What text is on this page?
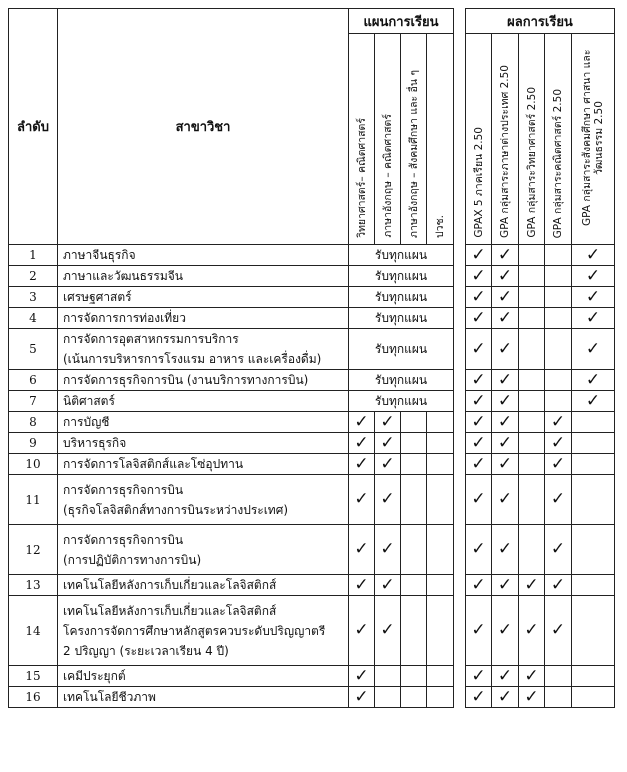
ลำดับ	สาขาวิชา	แผนการเรียน					ผลการเรียน				

		วิทยาศาสตร์– คณิตศาสตร์	ภาษาอังกฤษ – คณิตศาสตร์	ภาษาอังกฤษ – สังคมศึกษา และ อื่น ๆ	ปวช.		GPAX 5 ภาคเรียน 2.50	GPA กลุ่มสาระภาษาต่างประเทศ 2.50	GPA กลุ่มสาระวิทยาศาสตร์ 2.50	GPA กลุ่มสาระคณิตศาสตร์ 2.50	GPA กลุ่มสาระสังคมศึกษา ศาสนา และวัฒนธรรม 2.50

1	ภาษาจีนธุรกิจ	รับทุกแผน					✓	✓			✓
2	ภาษาและวัฒนธรรมจีน	รับทุกแผน					✓	✓			✓
3	เศรษฐศาสตร์	รับทุกแผน					✓	✓			✓
4	การจัดการการท่องเที่ยว	รับทุกแผน					✓	✓			✓
5	การจัดการอุตสาหกรรมการบริการ
(เน้นการบริหารการโรงแรม อาหาร และเครื่องดื่ม)	รับทุกแผน					✓	✓			✓
6	การจัดการธุรกิจการบิน (งานบริการทางการบิน)	รับทุกแผน					✓	✓			✓
7	นิติศาสตร์	รับทุกแผน					✓	✓			✓
8	การบัญชี	✓	✓				✓	✓		✓	
9	บริหารธุรกิจ	✓	✓				✓	✓		✓	
10	การจัดการโลจิสติกส์และโซ่อุปทาน	✓	✓				✓	✓		✓	
11	การจัดการธุรกิจการบิน
(ธุรกิจโลจิสติกส์ทางการบินระหว่างประเทศ)	✓	✓				✓	✓		✓	
12	การจัดการธุรกิจการบิน
(การปฏิบัติการทางการบิน)	✓	✓				✓	✓		✓	
13	เทคโนโลยีหลังการเก็บเกี่ยวและโลจิสติกส์	✓	✓				✓	✓	✓	✓	
14	เทคโนโลยีหลังการเก็บเกี่ยวและโลจิสติกส์
โครงการจัดการศึกษาหลักสูตรควบระดับปริญญาตรี
2 ปริญญา (ระยะเวลาเรียน 4 ปี)	✓	✓				✓	✓	✓	✓	
15	เคมีประยุกต์	✓					✓	✓	✓		
16	เทคโนโลยีชีวภาพ	✓					✓	✓	✓		
